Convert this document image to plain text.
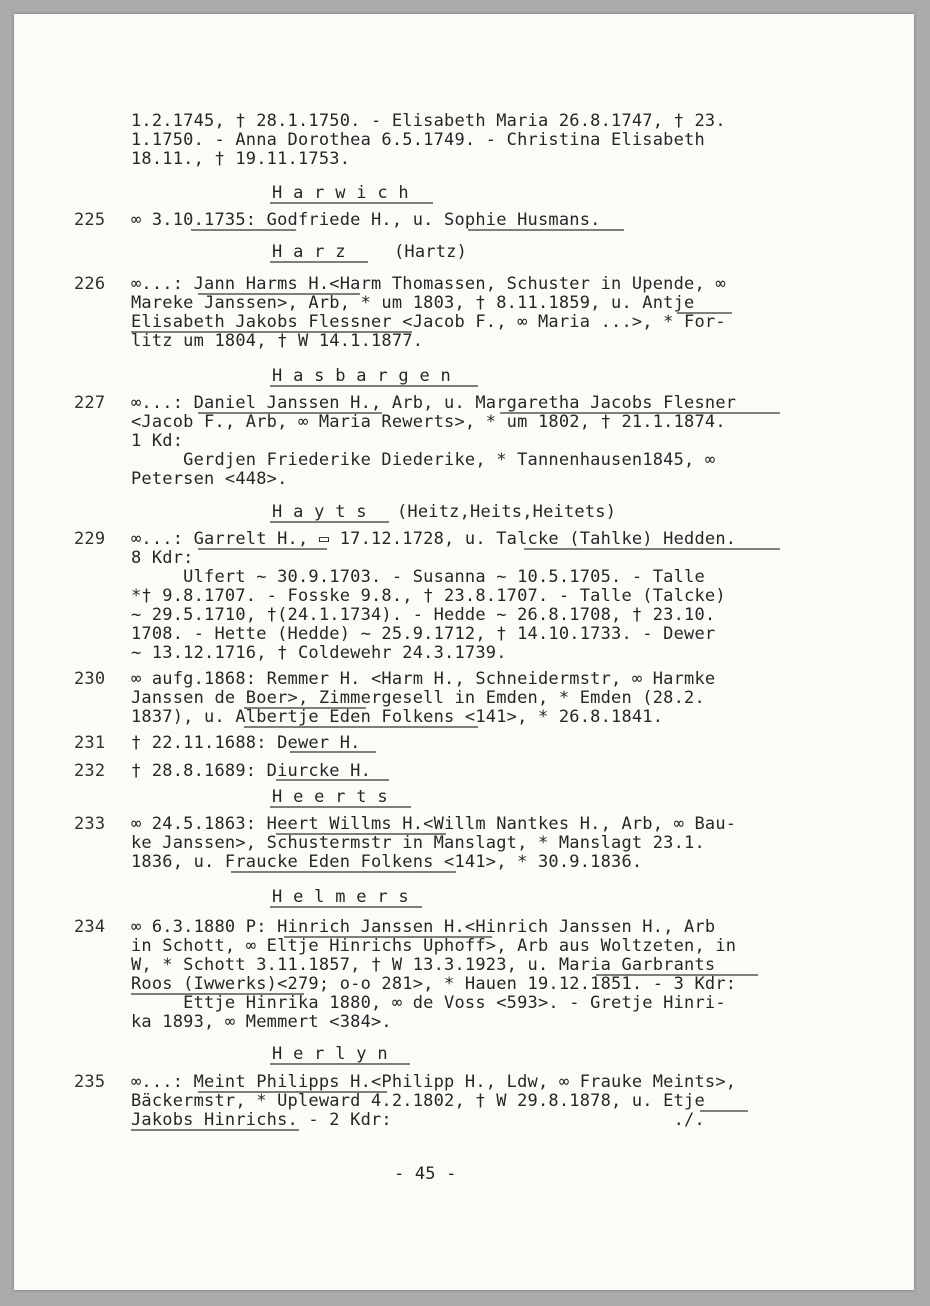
1.2.1745, † 28.1.1750. - Elisabeth Maria 26.8.1747, † 23.

1.1750. - Anna Dorothea 6.5.1749. - Christina Elisabeth

18.11., † 19.11.1753.

H a r w i c h

225 ∞ 3.10.1735: Godfriede H., u. Sophie Husmans.

H a r z	(Hartz)

226 ∞...: Jann Harms H.<Harm Thomassen, Schuster in Upende, ∞

Mareke Janssen>, Arb, * um 1803, † 8.11.1859, u. Antje

Elisabeth Jakobs Flessner <Jacob F., ∞ Maria ...>, * For-

litz um 1804, † W 14.1.1877.

H a s b a r g e n

227 ∞...: Daniel Janssen H., Arb, u. Margaretha Jacobs Flesner

<Jacob F., Arb, ∞ Maria Rewerts>, * um 1802, † 21.1.1874.

1 Kd:

Gerdjen Friederike Diederike, * Tannenhausen1845, ∞

Petersen <448>.

H a y t s (Heitz,Heits,Heitets)

229 ∞...: Garrelt H., ▭ 17.12.1728, u. Talcke (Tahlke) Hedden.

8 Kdr:

Ulfert ~ 30.9.1703. - Susanna ~ 10.5.1705. - Talle

*† 9.8.1707. - Fosske 9.8., † 23.8.1707. - Talle (Talcke)

~ 29.5.1710, †(24.1.1734). - Hedde ~ 26.8.1708, † 23.10.

1708. - Hette (Hedde) ~ 25.9.1712, † 14.10.1733. - Dewer

~ 13.12.1716, † Coldewehr 24.3.1739.

230 ∞ aufg.1868: Remmer H. <Harm H., Schneidermstr, ∞ Harmke

Janssen de Boer>, Zimmergesell in Emden, * Emden (28.2.

1837), u. Albertje Eden Folkens <141>, * 26.8.1841.

231 † 22.11.1688: Dewer H.

232 † 28.8.1689: Diurcke H.

H e e r t s

233 ∞ 24.5.1863: Heert Willms H.<Willm Nantkes H., Arb, ∞ Bau-

ke Janssen>, Schustermstr in Manslagt, * Manslagt 23.1.

1836, u. Fraucke Eden Folkens <141>, * 30.9.1836.

H e l m e r s

234 ∞ 6.3.1880 P: Hinrich Janssen H.<Hinrich Janssen H., Arb

in Schott, ∞ Eltje Hinrichs Uphoff>, Arb aus Woltzeten, in

W, * Schott 3.11.1857, † W 13.3.1923, u. Maria Garbrants

Roos (Iwwerks)<279; o-o 281>, * Hauen 19.12.1851. - 3 Kdr:

Ettje Hinrika 1880, ∞ de Voss <593>. - Gretje Hinri-

ka 1893, ∞ Memmert <384>.

H e r l y n

235 ∞...: Meint Philipps H.<Philipp H., Ldw, ∞ Frauke Meints>,

Bäckermstr, * Upleward 4.2.1802, † W 29.8.1878, u. Etje

Jakobs Hinrichs. - 2 Kdr:                           ./.

- 45 -
